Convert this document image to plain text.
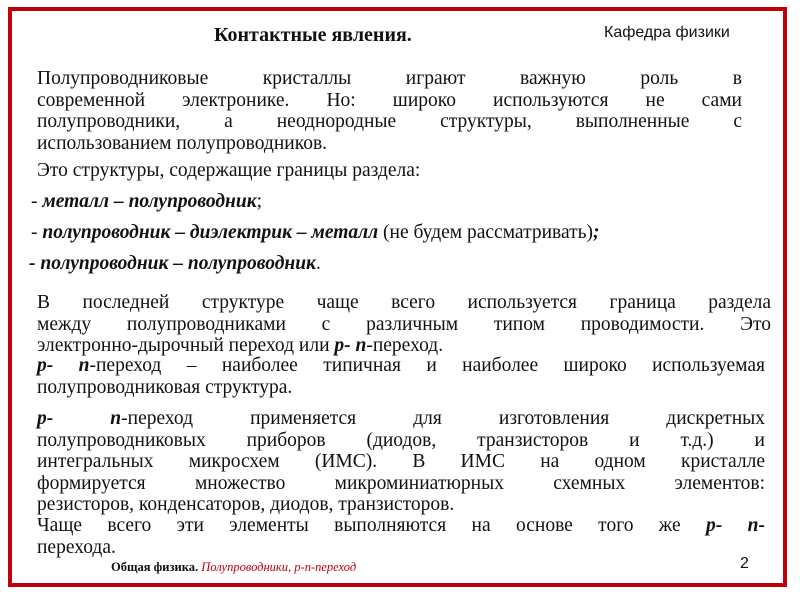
Контактные явления.	Кафедра физики
Полупроводниковые кристаллы играют важную роль в
современной электронике. Но: широко используются не сами
полупроводники, а неоднородные структуры, выполненные с
использованием полупроводников.
Это структуры, содержащие границы раздела:
- металл – полупроводник;
- полупроводник – диэлектрик – металл (не будем рассматривать);
- полупроводник – полупроводник.
В последней структуре чаще всего используется граница раздела
между полупроводниками с различным типом проводимости. Это
электронно-дырочный переход или p- n-переход.
p- n-переход – наиболее типичная и наиболее широко используемая
полупроводниковая структура.
p- n-переход применяется для изготовления дискретных
полупроводниковых приборов (диодов, транзисторов и т.д.) и
интегральных микросхем (ИМС). В ИМС на одном кристалле
формируется множество микроминиатюрных схемных элементов:
резисторов, конденсаторов, диодов, транзисторов.
Чаще всего эти элементы выполняются на основе того же p- n-
перехода.
Общая физика. Полупроводники, p-n-переход	2
